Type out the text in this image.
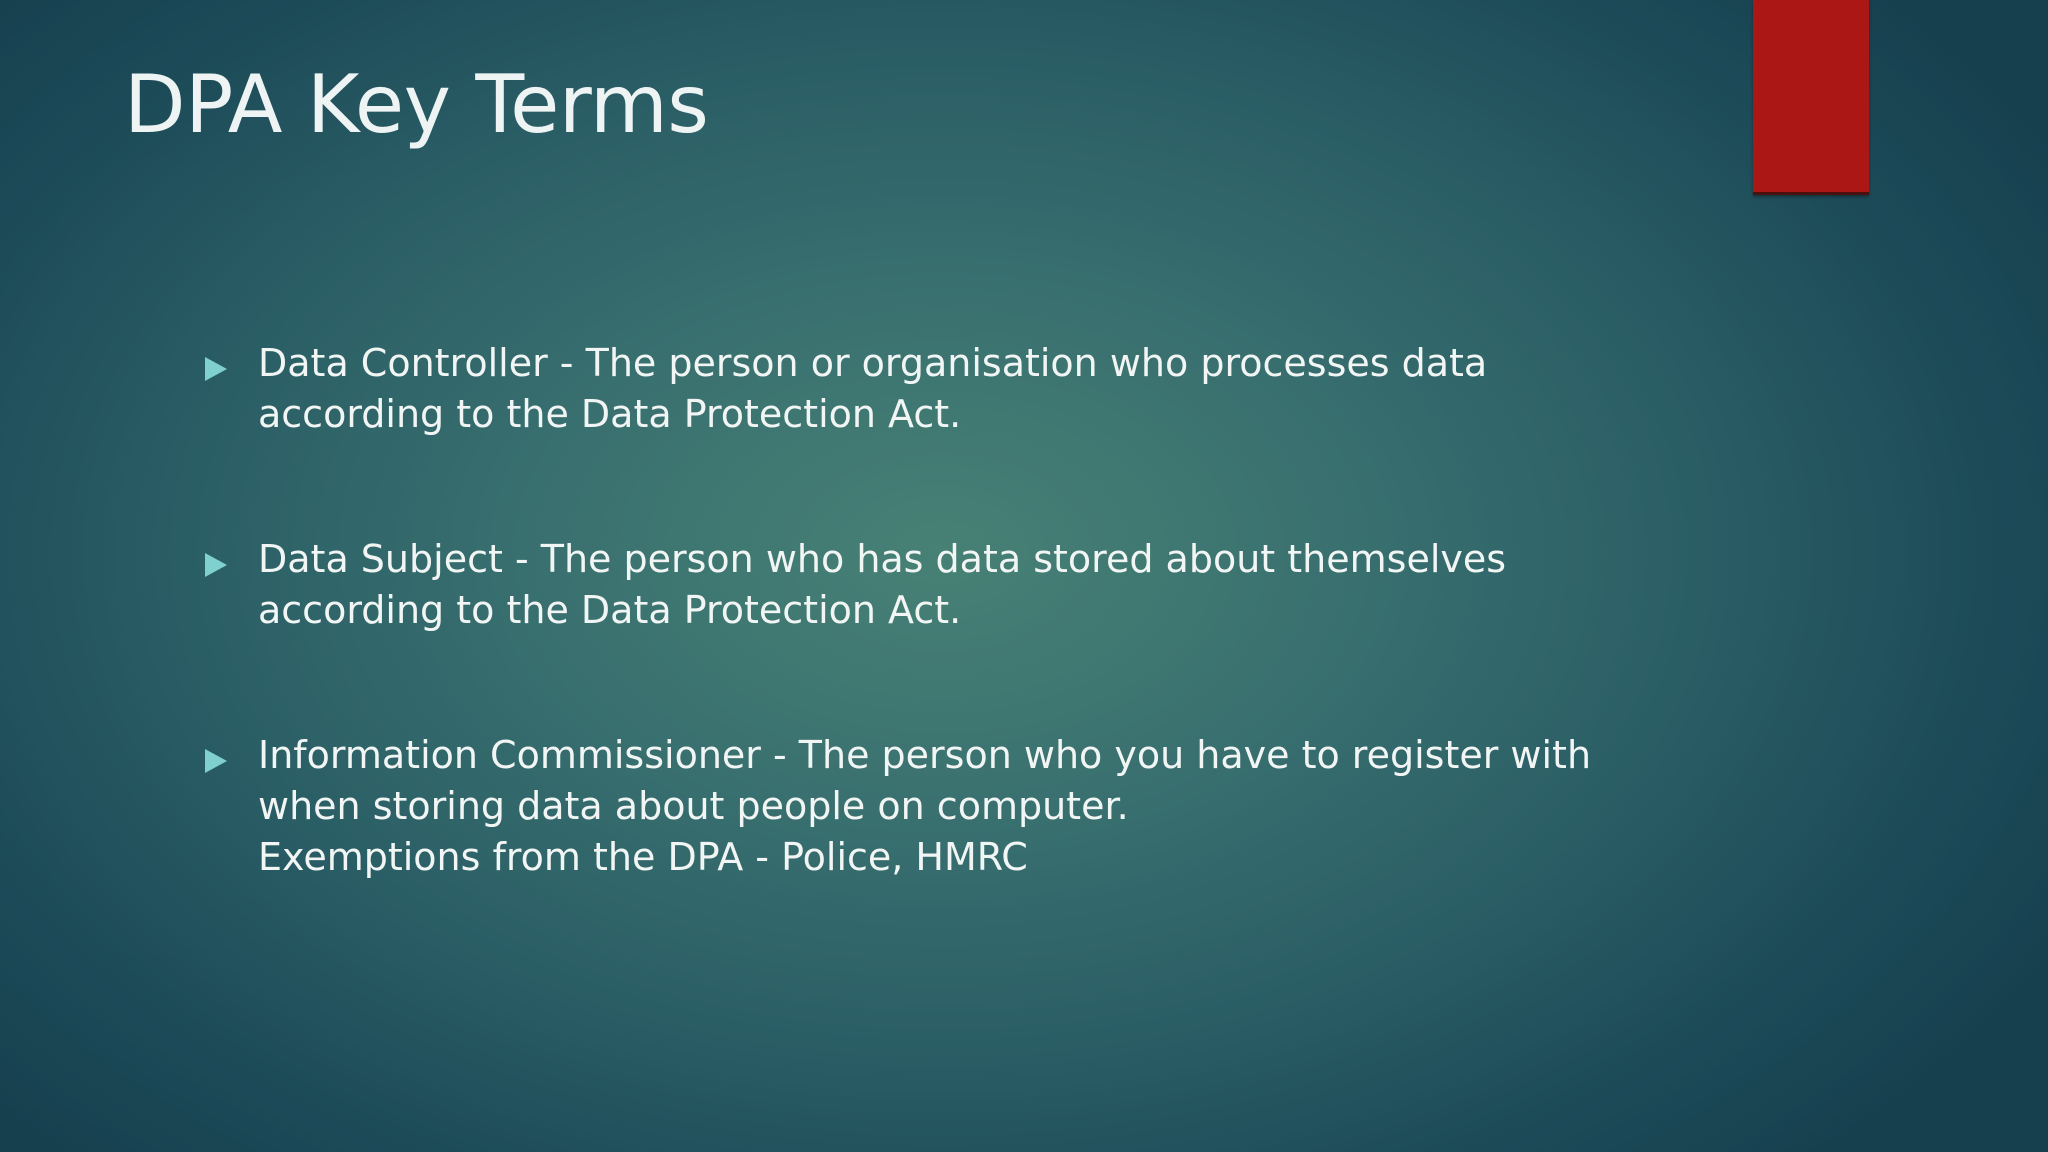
DPA Key Terms
Data Controller - The person or organisation who processes data
according to the Data Protection Act.
Data Subject - The person who has data stored about themselves
according to the Data Protection Act.
Information Commissioner - The person who you have to register with
when storing data about people on computer.
Exemptions from the DPA - Police, HMRC
